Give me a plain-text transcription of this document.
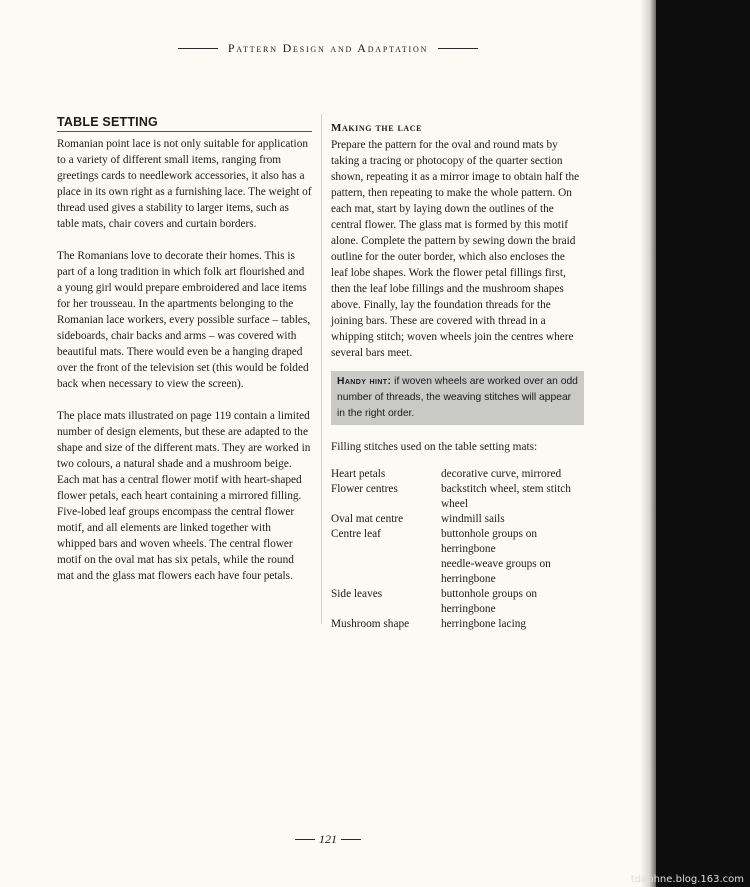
Pattern Design and Adaptation
TABLE SETTING

Romanian point lace is not only suitable for application to a variety of different small items, ranging from greetings cards to needlework accessories, it also has a place in its own right as a furnishing lace. The weight of thread used gives a stability to larger items, such as table mats, chair covers and curtain borders.

The Romanians love to decorate their homes. This is part of a long tradition in which folk art flourished and a young girl would prepare embroidered and lace items for her trousseau. In the apartments belonging to the Romanian lace workers, every possible surface – tables, sideboards, chair backs and arms – was covered with beautiful mats. There would even be a hanging draped over the front of the television set (this would be folded back when necessary to view the screen).

The place mats illustrated on page 119 contain a limited number of design elements, but these are adapted to the shape and size of the different mats. They are worked in two colours, a natural shade and a mushroom beige. Each mat has a central flower motif with heart-shaped flower petals, each heart containing a mirrored filling. Five-lobed leaf groups encompass the central flower motif, and all elements are linked together with whipped bars and woven wheels. The central flower motif on the oval mat has six petals, while the round mat and the glass mat flowers each have four petals.

Making the lace

Prepare the pattern for the oval and round mats by taking a tracing or photocopy of the quarter section shown, repeating it as a mirror image to obtain half the pattern, then repeating to make the whole pattern. On each mat, start by laying down the outlines of the central flower. The glass mat is formed by this motif alone. Complete the pattern by sewing down the braid outline for the outer border, which also encloses the leaf lobe shapes. Work the flower petal fillings first, then the leaf lobe fillings and the mushroom shapes above. Finally, lay the foundation threads for the joining bars. These are covered with thread in a whipping stitch; woven wheels join the centres where several bars meet.

Handy hint: if woven wheels are worked over an odd number of threads, the weaving stitches will appear in the right order.

Filling stitches used on the table setting mats:

Heart petals	decorative curve, mirrored
Flower centres	backstitch wheel, stem stitch wheel
Oval mat centre	windmill sails
Centre leaf	buttonhole groups on herringbone
	needle-weave groups on herringbone
Side leaves	buttonhole groups on herringbone
Mushroom shape	herringbone lacing
121
tdaphne.blog.163.com
